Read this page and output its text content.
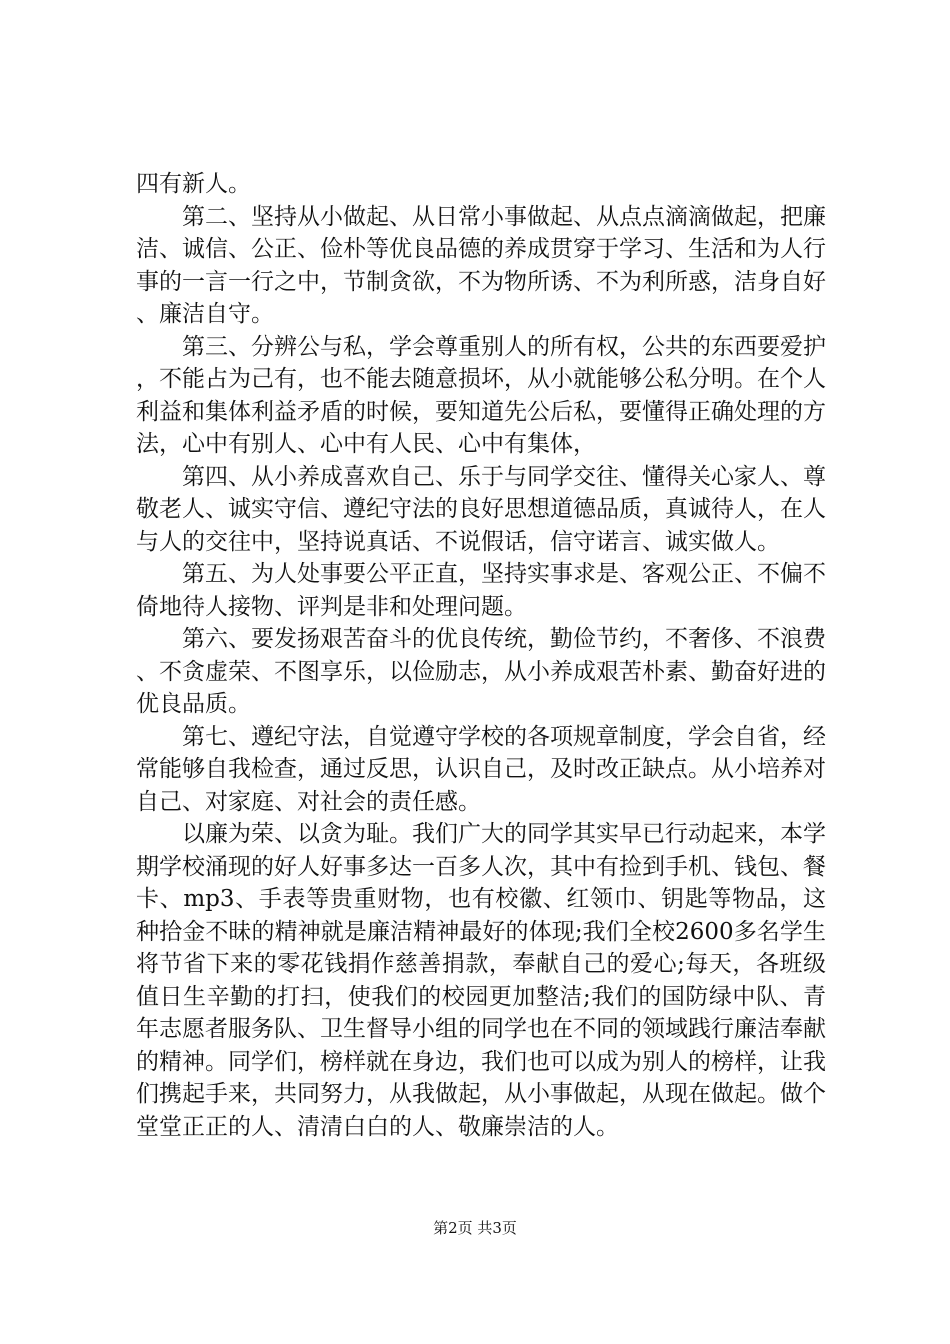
四有新人。

第二、坚持从小做起、从日常小事做起、从点点滴滴做起，把廉洁、诚信、公正、俭朴等优良品德的养成贯穿于学习、生活和为人行事的一言一行之中，节制贪欲，不为物所诱、不为利所惑，洁身自好、廉洁自守。

第三、分辨公与私，学会尊重别人的所有权，公共的东西要爱护，不能占为己有，也不能去随意损坏，从小就能够公私分明。在个人利益和集体利益矛盾的时候，要知道先公后私，要懂得正确处理的方法，心中有别人、心中有人民、心中有集体，

第四、从小养成喜欢自己、乐于与同学交往、懂得关心家人、尊敬老人、诚实守信、遵纪守法的良好思想道德品质，真诚待人，在人与人的交往中，坚持说真话、不说假话，信守诺言、诚实做人。

第五、为人处事要公平正直，坚持实事求是、客观公正、不偏不倚地待人接物、评判是非和处理问题。

第六、要发扬艰苦奋斗的优良传统，勤俭节约，不奢侈、不浪费、不贪虚荣、不图享乐，以俭励志，从小养成艰苦朴素、勤奋好进的优良品质。

第七、遵纪守法，自觉遵守学校的各项规章制度，学会自省，经常能够自我检查，通过反思，认识自己，及时改正缺点。从小培养对自己、对家庭、对社会的责任感。

以廉为荣、以贪为耻。我们广大的同学其实早已行动起来，本学期学校涌现的好人好事多达一百多人次，其中有捡到手机、钱包、餐卡、mp3、手表等贵重财物，也有校徽、红领巾、钥匙等物品，这种拾金不昧的精神就是廉洁精神最好的体现;我们全校2600多名学生将节省下来的零花钱捐作慈善捐款，奉献自己的爱心;每天，各班级值日生辛勤的打扫，使我们的校园更加整洁;我们的国防绿中队、青年志愿者服务队、卫生督导小组的同学也在不同的领域践行廉洁奉献的精神。同学们，榜样就在身边，我们也可以成为别人的榜样，让我们携起手来，共同努力，从我做起，从小事做起，从现在做起。做个堂堂正正的人、清清白白的人、敬廉崇洁的人。

第2页 共3页
